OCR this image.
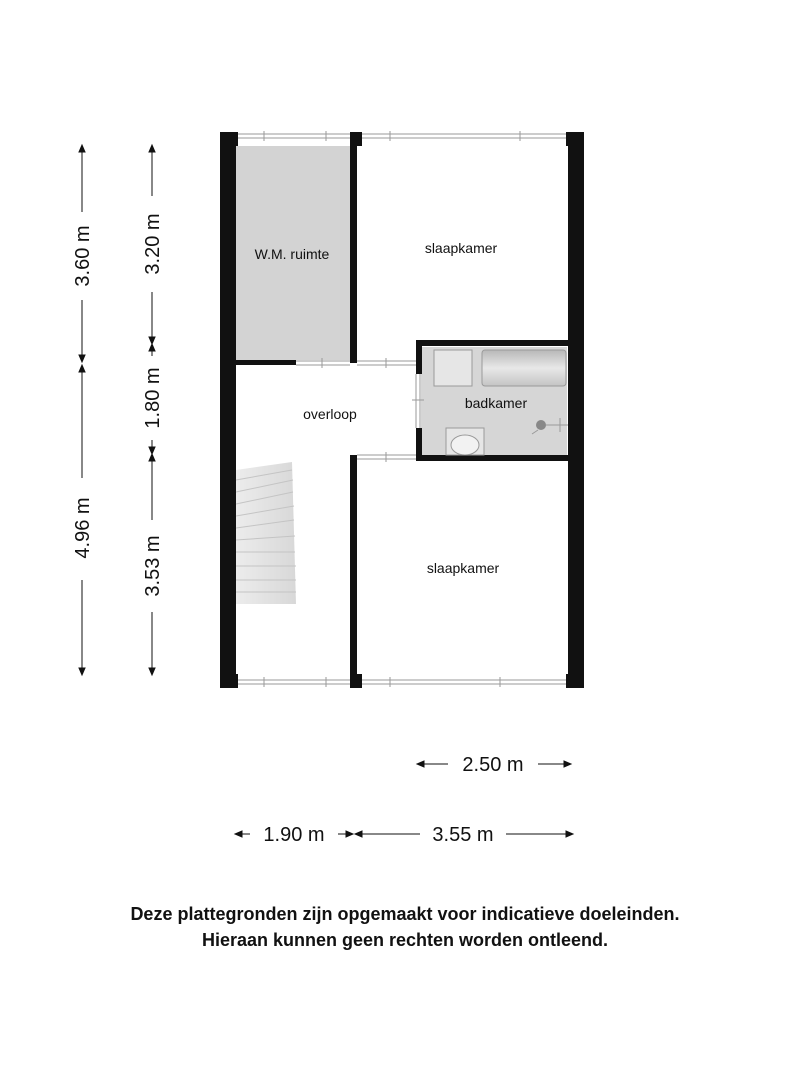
W.M. ruimte	slaapkamer
overloop
badkamer
slaapkamer
3.60 m
4.96 m
3.20 m
1.80 m
3.53 m
2.50 m
1.90 m	3.55 m
Deze plattegronden zijn opgemaakt voor indicatieve doeleinden.
Hieraan kunnen geen rechten worden ontleend.
